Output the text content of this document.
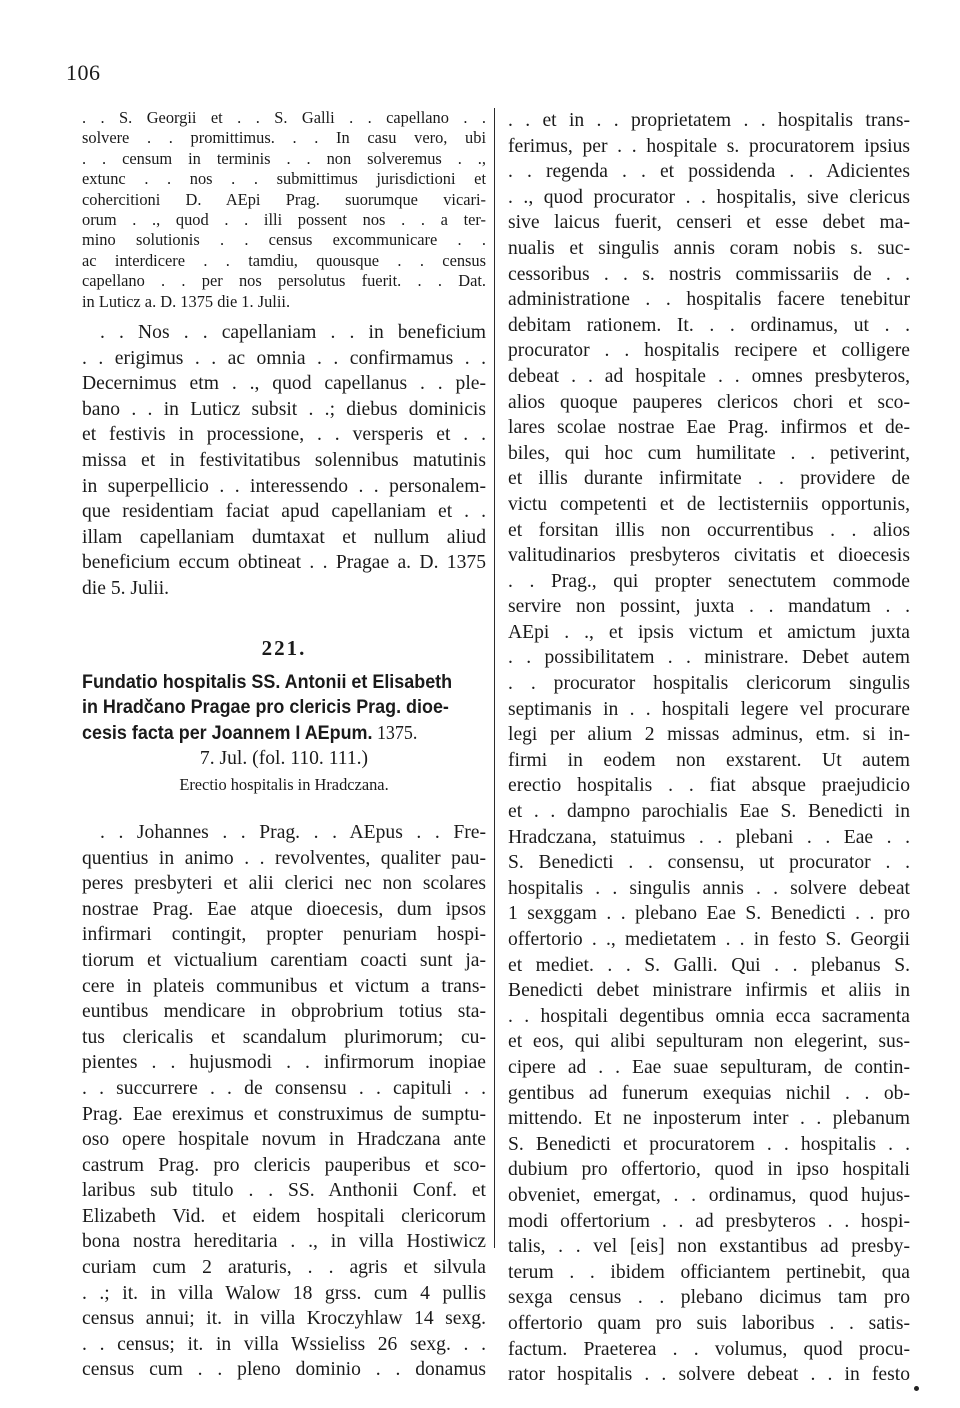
106
. . S. Georgii et . . S. Galli . . capellano . .
solvere . . promittimus. . . In casu vero, ubi
. . censum in terminis . . non solveremus . .,
extunc . . nos . . submittimus jurisdictioni et
cohercitioni D. AEpi Prag. suorumque vicari-
orum . ., quod . . illi possent nos . . a ter-
mino solutionis . . census excommunicare . .
ac interdicere . . tamdiu, quousque . . census
capellano . . per nos persolutus fuerit. . . Dat.
in Luticz a. D. 1375 die 1. Julii.
. . Nos . . capellaniam . . in beneficium
. . erigimus . . ac omnia . . confirmamus . .
Decernimus etm . ., quod capellanus . . ple-
bano . . in Luticz subsit . .; diebus dominicis
et festivis in processione, . . versperis et . .
missa et in festivitatibus solennibus matutinis
in superpellicio . . interessendo . . personalem-
que residentiam faciat apud capellaniam et . .
illam capellaniam dumtaxat et nullum aliud
beneficium eccum obtineat . . Pragae a. D. 1375
die 5. Julii.
221.
Fundatio hospitalis SS. Antonii et Elisabeth
in Hradčano Pragae pro clericis Prag. dioe-
cesis facta per Joannem I AEpum. 1375.
7. Jul. (fol. 110. 111.)
Erectio hospitalis in Hradczana.
. . Johannes . . Prag. . . AEpus . . Fre-
quentius in animo . . revolventes, qualiter pau-
peres presbyteri et alii clerici nec non scolares
nostrae Prag. Eae atque dioecesis, dum ipsos
infirmari contingit, propter penuriam hospi-
tiorum et victualium carentiam coacti sunt ja-
cere in plateis communibus et victum a trans-
euntibus mendicare in obprobrium totius sta-
tus clericalis et scandalum plurimorum; cu-
pientes . . hujusmodi . . infirmorum inopiae
. . succurrere . . de consensu . . capituli . .
Prag. Eae ereximus et construximus de sumptu-
oso opere hospitale novum in Hradczana ante
castrum Prag. pro clericis pauperibus et sco-
laribus sub titulo . . SS. Anthonii Conf. et
Elizabeth Vid. et eidem hospitali clericorum
bona nostra hereditaria . ., in villa Hostiwicz
curiam cum 2 araturis, . . agris et silvula
. .; it. in villa Walow 18 grss. cum 4 pullis
census annui; it. in villa Kroczyhlaw 14 sexg.
. . census; it. in villa Wssieliss 26 sexg. . .
census cum . . pleno dominio . . donamus
. . et in . . proprietatem . . hospitalis trans-
ferimus, per . . hospitale s. procuratorem ipsius
. . regenda . . et possidenda . . Adicientes
. ., quod procurator . . hospitalis, sive clericus
sive laicus fuerit, censeri et esse debet ma-
nualis et singulis annis coram nobis s. suc-
cessoribus . . s. nostris commissariis de . .
administratione . . hospitalis facere tenebitur
debitam rationem. It. . . ordinamus, ut . .
procurator . . hospitalis recipere et colligere
debeat . . ad hospitale . . omnes presbyteros,
alios quoque pauperes clericos chori et sco-
lares scolae nostrae Eae Prag. infirmos et de-
biles, qui hoc cum humilitate . . petiverint,
et illis durante infirmitate . . providere de
victu competenti et de lectisterniis opportunis,
et forsitan illis non occurrentibus . . alios
valitudinarios presbyteros civitatis et dioecesis
. . Prag., qui propter senectutem commode
servire non possint, juxta . . mandatum . .
AEpi . ., et ipsis victum et amictum juxta
. . possibilitatem . . ministrare. Debet autem
. . procurator hospitalis clericorum singulis
septimanis in . . hospitali legere vel procurare
legi per alium 2 missas adminus, etm. si in-
firmi in eodem non exstarent. Ut autem
erectio hospitalis . . fiat absque praejudicio
et . . dampno parochialis Eae S. Benedicti in
Hradczana, statuimus . . plebani . . Eae . .
S. Benedicti . . consensu, ut procurator . .
hospitalis . . singulis annis . . solvere debeat
1 sexggam . . plebano Eae S. Benedicti . . pro
offertorio . ., medietatem . . in festo S. Georgii
et mediet. . . S. Galli. Qui . . plebanus S.
Benedicti debet ministrare infirmis et aliis in
. . hospitali degentibus omnia ecca sacramenta
et eos, qui alibi sepulturam non elegerint, sus-
cipere ad . . Eae suae sepulturam, de contin-
gentibus ad funerum exequias nichil . . ob-
mittendo. Et ne inposterum inter . . plebanum
S. Benedicti et procuratorem . . hospitalis . .
dubium pro offertorio, quod in ipso hospitali
obveniet, emergat, . . ordinamus, quod hujus-
modi offertorium . . ad presbyteros . . hospi-
talis, . . vel [eis] non exstantibus ad presby-
terum . . ibidem officiantem pertinebit, qua
sexga census . . plebano dicimus tam pro
offertorio quam pro suis laboribus . . satis-
factum. Praeterea . . volumus, quod procu-
rator hospitalis . . solvere debeat . . in festo
